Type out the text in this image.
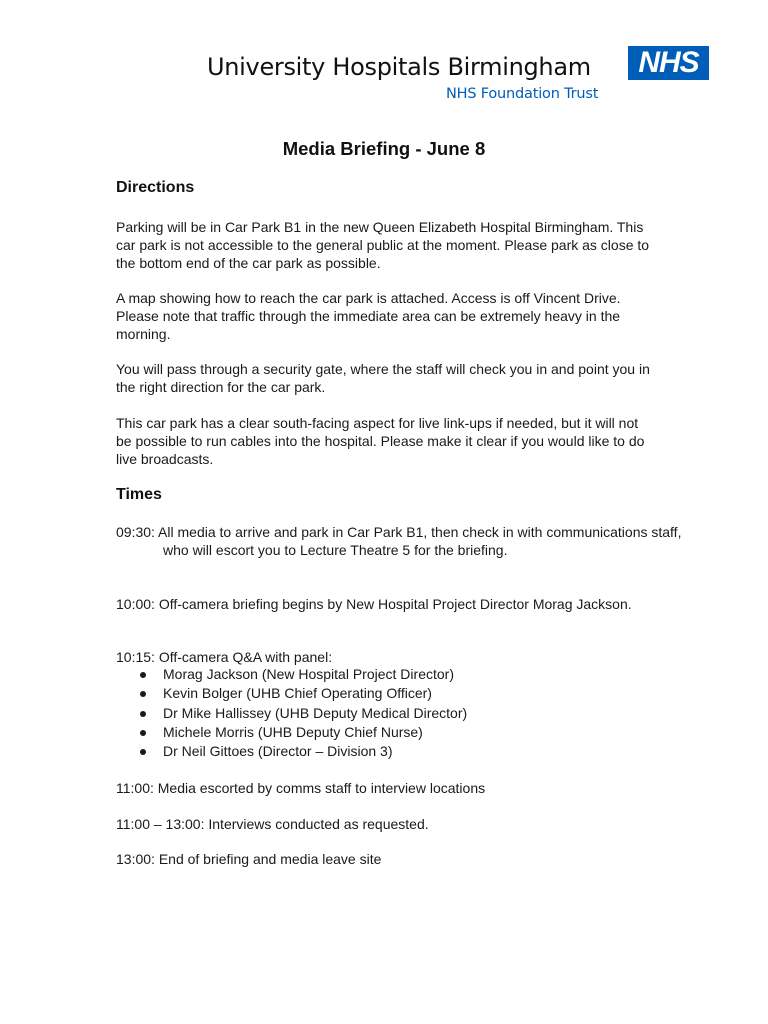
University Hospitals Birmingham
NHS Foundation Trust
NHS
Media Briefing - June 8
Directions
Parking will be in Car Park B1 in the new Queen Elizabeth Hospital Birmingham. This car park is not accessible to the general public at the moment. Please park as close to the bottom end of the car park as possible.
A map showing how to reach the car park is attached. Access is off Vincent Drive. Please note that traffic through the immediate area can be extremely heavy in the morning.
You will pass through a security gate, where the staff will check you in and point you in the right direction for the car park.
This car park has a clear south-facing aspect for live link-ups if needed, but it will not be possible to run cables into the hospital. Please make it clear if you would like to do live broadcasts.
Times
09:30: All media to arrive and park in Car Park B1, then check in with communications staff, who will escort you to Lecture Theatre 5 for the briefing.
10:00: Off-camera briefing begins by New Hospital Project Director Morag Jackson.
10:15: Off-camera Q&A with panel:
Morag Jackson (New Hospital Project Director)
Kevin Bolger (UHB Chief Operating Officer)
Dr Mike Hallissey (UHB Deputy Medical Director)
Michele Morris (UHB Deputy Chief Nurse)
Dr Neil Gittoes (Director – Division 3)
11:00: Media escorted by comms staff to interview locations
11:00 – 13:00: Interviews conducted as requested.
13:00: End of briefing and media leave site
